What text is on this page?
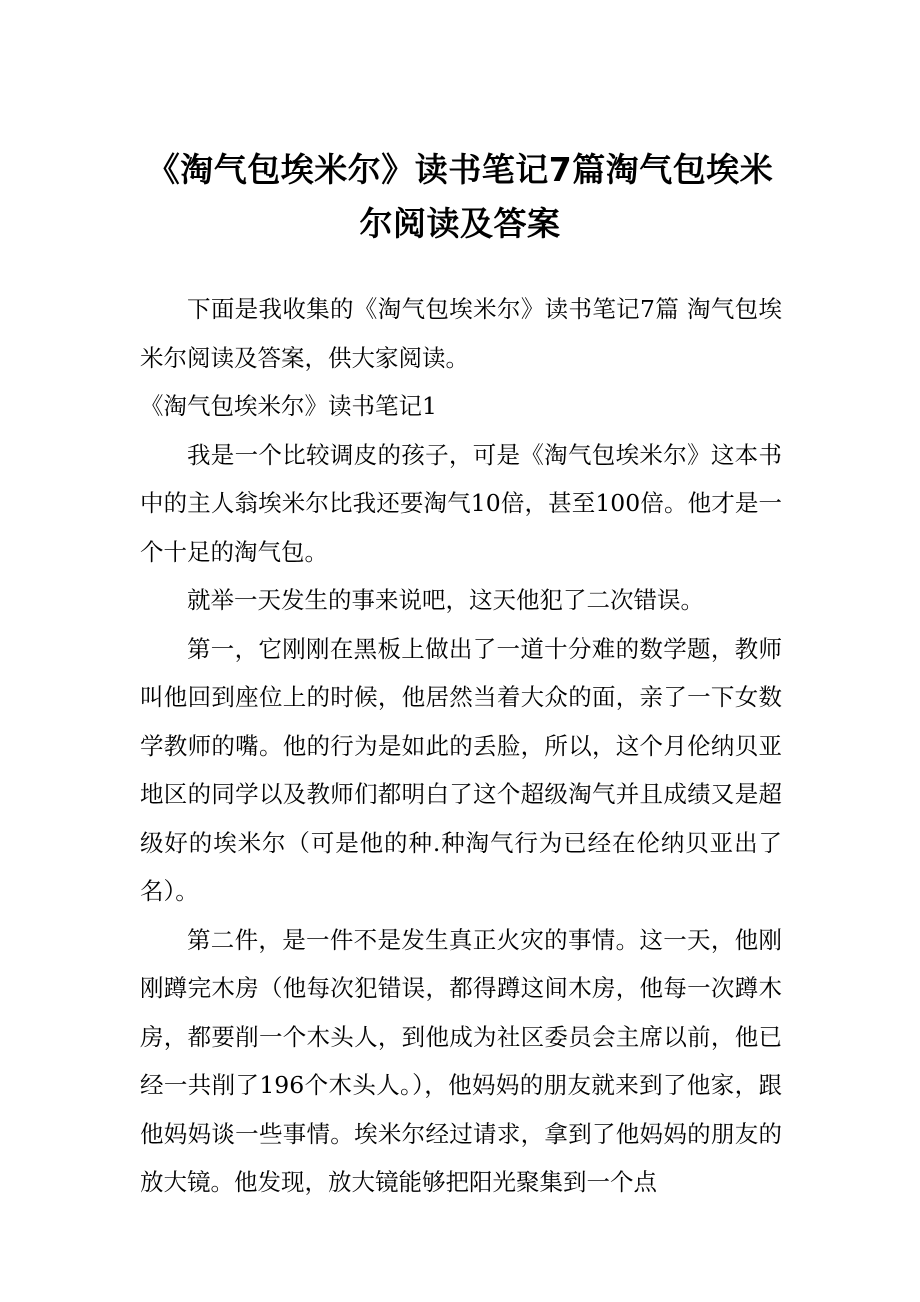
《淘气包埃米尔》读书笔记7篇淘气包埃米尔阅读及答案

下面是我收集的《淘气包埃米尔》读书笔记7篇 淘气包埃米尔阅读及答案，供大家阅读。

《淘气包埃米尔》读书笔记1

我是一个比较调皮的孩子，可是《淘气包埃米尔》这本书中的主人翁埃米尔比我还要淘气10倍，甚至100倍。他才是一个十足的淘气包。

就举一天发生的事来说吧，这天他犯了二次错误。

第一，它刚刚在黑板上做出了一道十分难的数学题，教师叫他回到座位上的时候，他居然当着大众的面，亲了一下女数学教师的嘴。他的行为是如此的丢脸，所以，这个月伦纳贝亚地区的同学以及教师们都明白了这个超级淘气并且成绩又是超级好的埃米尔（可是他的种.种淘气行为已经在伦纳贝亚出了名）。

第二件，是一件不是发生真正火灾的事情。这一天，他刚刚蹲完木房（他每次犯错误，都得蹲这间木房，他每一次蹲木房，都要削一个木头人，到他成为社区委员会主席以前，他已经一共削了196个木头人。），他妈妈的朋友就来到了他家，跟他妈妈谈一些事情。埃米尔经过请求，拿到了他妈妈的朋友的放大镜。他发现，放大镜能够把阳光聚集到一个点
